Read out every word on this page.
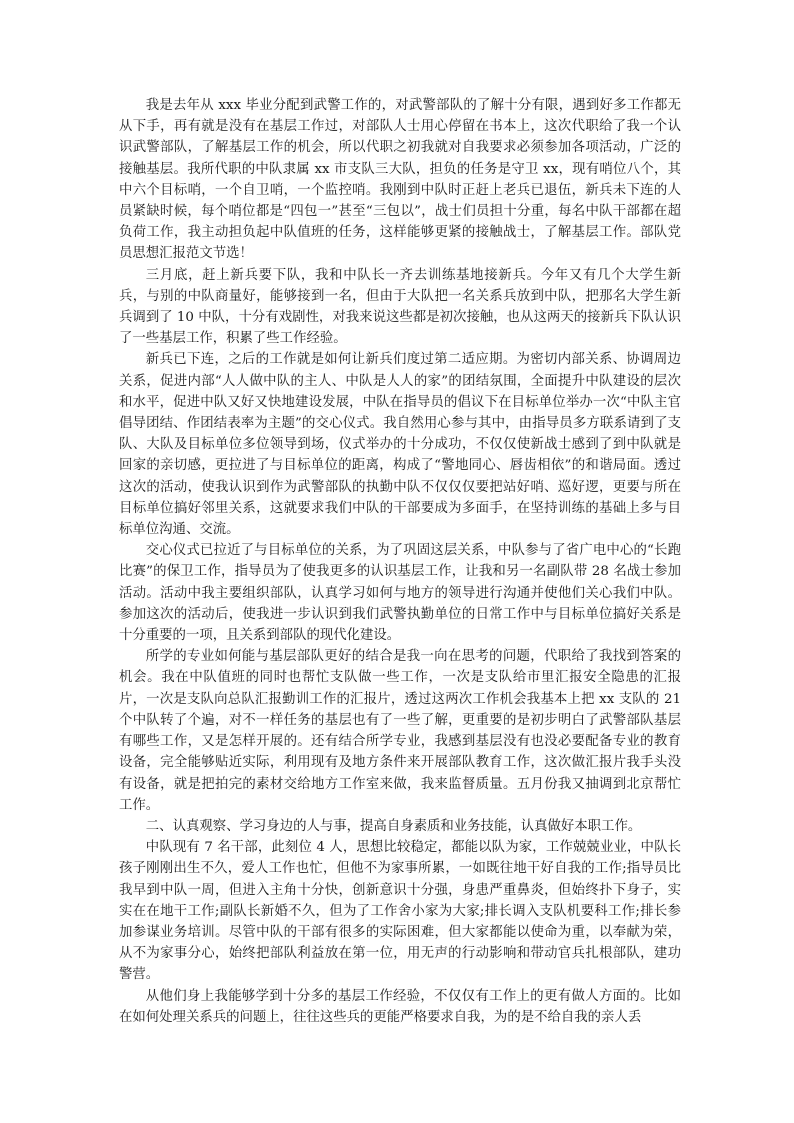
我是去年从 xxx 毕业分配到武警工作的，对武警部队的了解十分有限，遇到好多工作都无从下手，再有就是没有在基层工作过，对部队人士用心停留在书本上，这次代职给了我一个认识武警部队，了解基层工作的机会，所以代职之初我就对自我要求必须参加各项活动，广泛的接触基层。我所代职的中队隶属 xx 市支队三大队，担负的任务是守卫 xx，现有哨位八个，其中六个目标哨，一个自卫哨，一个监控哨。我刚到中队时正赶上老兵已退伍，新兵未下连的人员紧缺时候，每个哨位都是“四包一”甚至“三包以”，战士们员担十分重，每名中队干部都在超负荷工作，我主动担负起中队值班的任务，这样能够更紧的接触战士，了解基层工作。部队党员思想汇报范文节选！

三月底，赶上新兵要下队，我和中队长一齐去训练基地接新兵。今年又有几个大学生新兵，与别的中队商量好，能够接到一名，但由于大队把一名关系兵放到中队，把那名大学生新兵调到了 10 中队，十分有戏剧性，对我来说这些都是初次接触，也从这两天的接新兵下队认识了一些基层工作，积累了些工作经验。

新兵已下连，之后的工作就是如何让新兵们度过第二适应期。为密切内部关系、协调周边关系，促进内部“人人做中队的主人、中队是人人的家”的团结氛围，全面提升中队建设的层次和水平，促进中队又好又快地建设发展，中队在指导员的倡议下在目标单位举办一次“中队主官倡导团结、作团结表率为主题”的交心仪式。我自然用心参与其中，由指导员多方联系请到了支队、大队及目标单位多位领导到场，仪式举办的十分成功，不仅仅使新战士感到了到中队就是回家的亲切感，更拉进了与目标单位的距离，构成了“警地同心、唇齿相依”的和谐局面。透过这次的活动，使我认识到作为武警部队的执勤中队不仅仅仅要把站好哨、巡好逻，更要与所在目标单位搞好邻里关系，这就要求我们中队的干部要成为多面手，在坚持训练的基础上多与目标单位沟通、交流。

交心仪式已拉近了与目标单位的关系，为了巩固这层关系，中队参与了省广电中心的“长跑比赛”的保卫工作，指导员为了使我更多的认识基层工作，让我和另一名副队带 28 名战士参加活动。活动中我主要组织部队，认真学习如何与地方的领导进行沟通并使他们关心我们中队。参加这次的活动后，使我进一步认识到我们武警执勤单位的日常工作中与目标单位搞好关系是十分重要的一项，且关系到部队的现代化建设。

所学的专业如何能与基层部队更好的结合是我一向在思考的问题，代职给了我找到答案的机会。我在中队值班的同时也帮忙支队做一些工作，一次是支队给市里汇报安全隐患的汇报片，一次是支队向总队汇报勤训工作的汇报片，透过这两次工作机会我基本上把 xx 支队的 21 个中队转了个遍，对不一样任务的基层也有了一些了解，更重要的是初步明白了武警部队基层有哪些工作，又是怎样开展的。还有结合所学专业，我感到基层没有也没必要配备专业的教育设备，完全能够贴近实际，利用现有及地方条件来开展部队教育工作，这次做汇报片我手头没有设备，就是把拍完的素材交给地方工作室来做，我来监督质量。五月份我又抽调到北京帮忙工作。

二、认真观察、学习身边的人与事，提高自身素质和业务技能，认真做好本职工作。

中队现有 7 名干部，此刻位 4 人，思想比较稳定，都能以队为家，工作兢兢业业，中队长孩子刚刚出生不久，爱人工作也忙，但他不为家事所累，一如既往地干好自我的工作;指导员比我早到中队一周，但进入主角十分快，创新意识十分强，身患严重鼻炎，但始终扑下身子，实实在在地干工作;副队长新婚不久，但为了工作舍小家为大家;排长调入支队机要科工作;排长参加参谋业务培训。尽管中队的干部有很多的实际困难，但大家都能以使命为重，以奉献为荣，从不为家事分心，始终把部队利益放在第一位，用无声的行动影响和带动官兵扎根部队，建功警营。

从他们身上我能够学到十分多的基层工作经验，不仅仅有工作上的更有做人方面的。比如在如何处理关系兵的问题上，往往这些兵的更能严格要求自我，为的是不给自我的亲人丢
